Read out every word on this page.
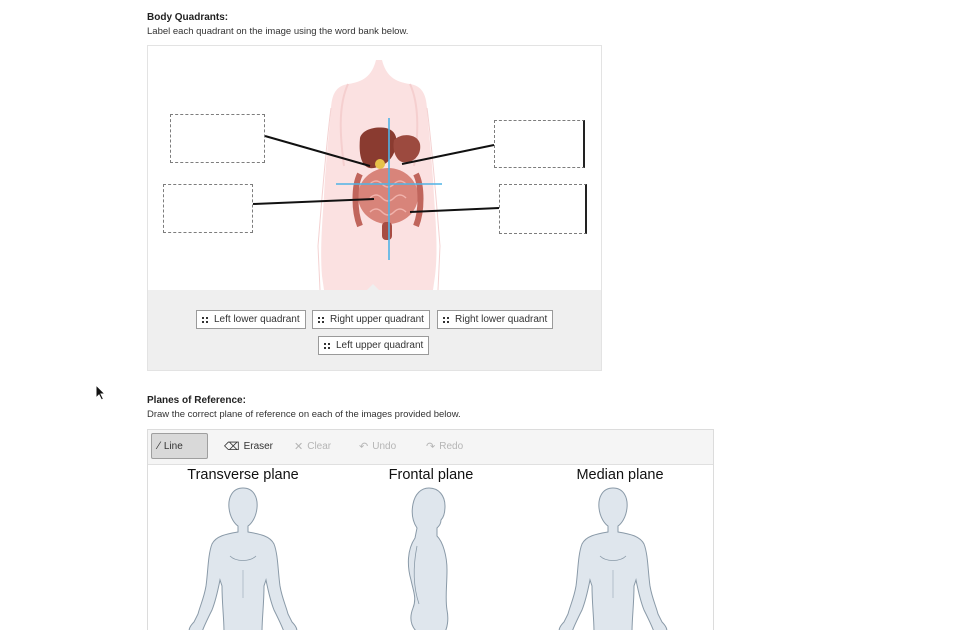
Body Quadrants:
Label each quadrant on the image using the word bank below.
Left lower quadrant	Right upper quadrant	Right lower quadrant
Left upper quadrant
Planes of Reference:
Draw the correct plane of reference on each of the images provided below.
⁄ Line	⌫ Eraser ✕ Clear	↶ Undo	↷ Redo
Transverse plane	Frontal plane	Median plane
